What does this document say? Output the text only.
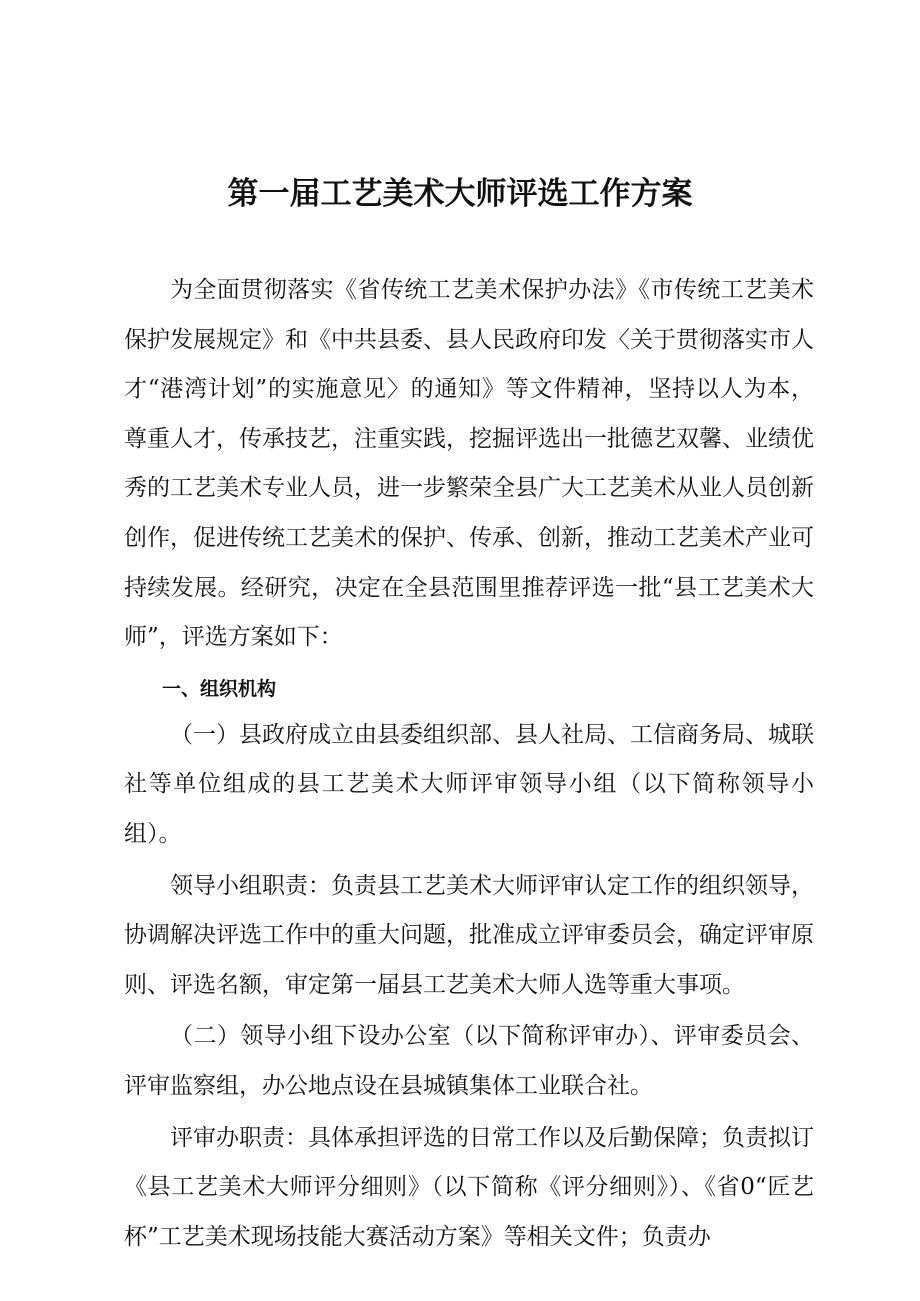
第一届工艺美术大师评选工作方案

为全面贯彻落实《省传统工艺美术保护办法》《市传统工艺美术保护发展规定》和《中共县委、县人民政府印发〈关于贯彻落实市人才“港湾计划”的实施意见〉的通知》等文件精神，坚持以人为本，尊重人才，传承技艺，注重实践，挖掘评选出一批德艺双馨、业绩优秀的工艺美术专业人员，进一步繁荣全县广大工艺美术从业人员创新创作，促进传统工艺美术的保护、传承、创新，推动工艺美术产业可持续发展。经研究，决定在全县范围里推荐评选一批“县工艺美术大师”，评选方案如下：

一、组织机构

（一）县政府成立由县委组织部、县人社局、工信商务局、城联社等单位组成的县工艺美术大师评审领导小组（以下简称领导小组）。

领导小组职责：负责县工艺美术大师评审认定工作的组织领导，协调解决评选工作中的重大问题，批准成立评审委员会，确定评审原则、评选名额，审定第一届县工艺美术大师人选等重大事项。

（二）领导小组下设办公室（以下简称评审办）、评审委员会、评审监察组，办公地点设在县城镇集体工业联合社。

评审办职责：具体承担评选的日常工作以及后勤保障；负责拟订《县工艺美术大师评分细则》（以下简称《评分细则》）、《省0“匠艺杯”工艺美术现场技能大赛活动方案》等相关文件；负责办
